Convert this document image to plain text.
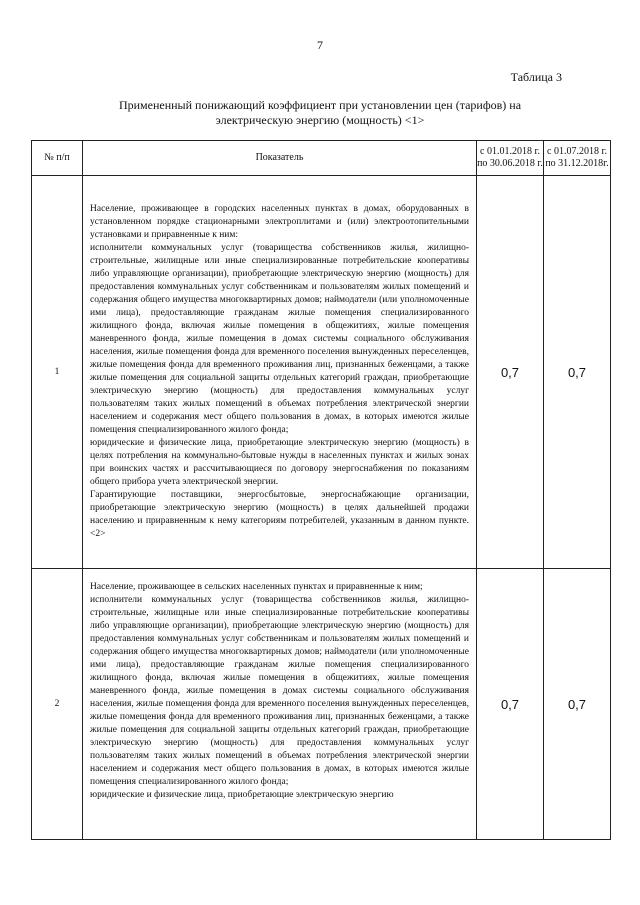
7
Таблица 3
Примененный понижающий коэффициент при установлении цен (тарифов) на электрическую энергию (мощность) <1>
№ п/п	Показатель	с 01.01.2018 г. по 30.06.2018 г.	с 01.07.2018 г. по 31.12.2018г.
1	Население, проживающее в городских населенных пунктах в домах, оборудованных в установленном порядке стационарными электроплитами и (или) электроотопительными установками и приравненные к ним:

исполнители коммунальных услуг (товарищества собственников жилья, жилищно-строительные, жилищные или иные специализированные потребительские кооперативы либо управляющие организации), приобретающие электрическую энергию (мощность) для предоставления коммунальных услуг собственникам и пользователям жилых помещений и содержания общего имущества многоквартирных домов; наймодатели (или уполномоченные ими лица), предоставляющие гражданам жилые помещения специализированного жилищного фонда, включая жилые помещения в общежитиях, жилые помещения маневренного фонда, жилые помещения в домах системы социального обслуживания населения, жилые помещения фонда для временного поселения вынужденных переселенцев, жилые помещения фонда для временного проживания лиц, признанных беженцами, а также жилые помещения для социальной защиты отдельных категорий граждан, приобретающие электрическую энергию (мощность) для предоставления коммунальных услуг пользователям таких жилых помещений в объемах потребления электрической энергии населением и содержания мест общего пользования в домах, в которых имеются жилые помещения специализированного жилого фонда;

юридические и физические лица, приобретающие электрическую энергию (мощность) в целях потребления на коммунально-бытовые нужды в населенных пунктах и жилых зонах при воинских частях и рассчитывающиеся по договору энергоснабжения по показаниям общего прибора учета электрической энергии.

Гарантирующие поставщики, энергосбытовые, энергоснабжающие организации, приобретающие электрическую энергию (мощность) в целях дальнейшей продажи населению и приравненным к нему категориям потребителей, указанным в данном пункте. <2>	0,7	0,7
2	Население, проживающее в сельских населенных пунктах и приравненные к ним;

исполнители коммунальных услуг (товарищества собственников жилья, жилищно-строительные, жилищные или иные специализированные потребительские кооперативы либо управляющие организации), приобретающие электрическую энергию (мощность) для предоставления коммунальных услуг собственникам и пользователям жилых помещений и содержания общего имущества многоквартирных домов; наймодатели (или уполномоченные ими лица), предоставляющие гражданам жилые помещения специализированного жилищного фонда, включая жилые помещения в общежитиях, жилые помещения маневренного фонда, жилые помещения в домах системы социального обслуживания населения, жилые помещения фонда для временного поселения вынужденных переселенцев, жилые помещения фонда для временного проживания лиц, признанных беженцами, а также жилые помещения для социальной защиты отдельных категорий граждан, приобретающие электрическую энергию (мощность) для предоставления коммунальных услуг пользователям таких жилых помещений в объемах потребления электрической энергии населением и содержания мест общего пользования в домах, в которых имеются жилые помещения специализированного жилого фонда;

юридические и физические лица, приобретающие электрическую энергию	0,7	0,7
